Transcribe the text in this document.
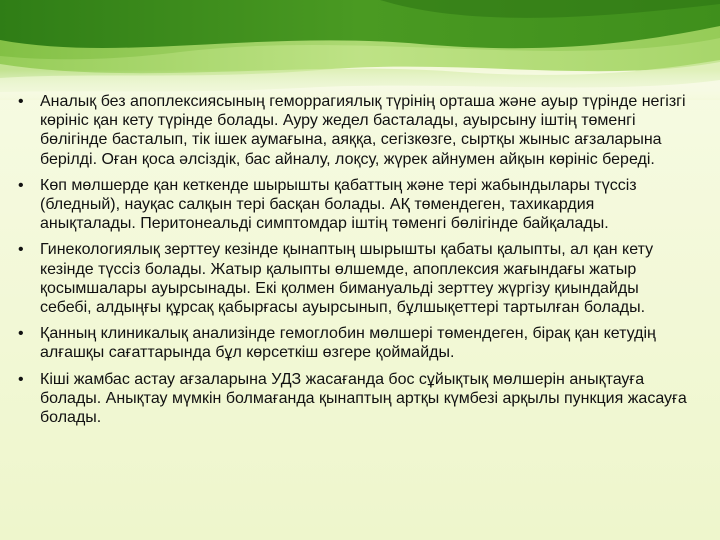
• Аналық без апоплексиясының геморрагиялық түрінің орташа және ауыр түрінде негізгі көрініс қан кету түрінде болады. Ауру жедел басталады, ауырсыну іштің төменгі бөлігінде басталып, тік ішек аумағына, аяққа, сегізкөзге, сыртқы жыныс ағзаларына берілді. Оған қоса әлсіздік, бас айналу, лоқсу, жүрек айнумен айқын көрініс береді.
• Көп мөлшерде қан кеткенде шырышты қабаттың және тері жабындылары түссіз (бледный), науқас салқын тері басқан болады. АҚ төмендеген, тахикардия анықталады. Перитонеальді симптомдар іштің төменгі бөлігінде байқалады.
• Гинекологиялық зерттеу кезінде қынаптың шырышты қабаты қалыпты, ал қан кету кезінде түссіз болады. Жатыр қалыпты өлшемде, апоплексия жағындағы жатыр қосымшалары ауырсынады. Екі қолмен бимануальді зерттеу жүргізу қиындайды себебі, алдыңғы құрсақ қабырғасы ауырсынып, бұлшықеттері тартылған болады.
• Қанның клиникалық анализінде гемоглобин мөлшері төмендеген, бірақ қан кетудің алғашқы сағаттарында бұл көрсеткіш өзгере қоймайды.
• Кіші жамбас астау ағзаларына УДЗ жасағанда бос сұйықтық мөлшерін анықтауға болады. Анықтау мүмкін болмағанда қынаптың артқы күмбезі арқылы пункция жасауға болады.
